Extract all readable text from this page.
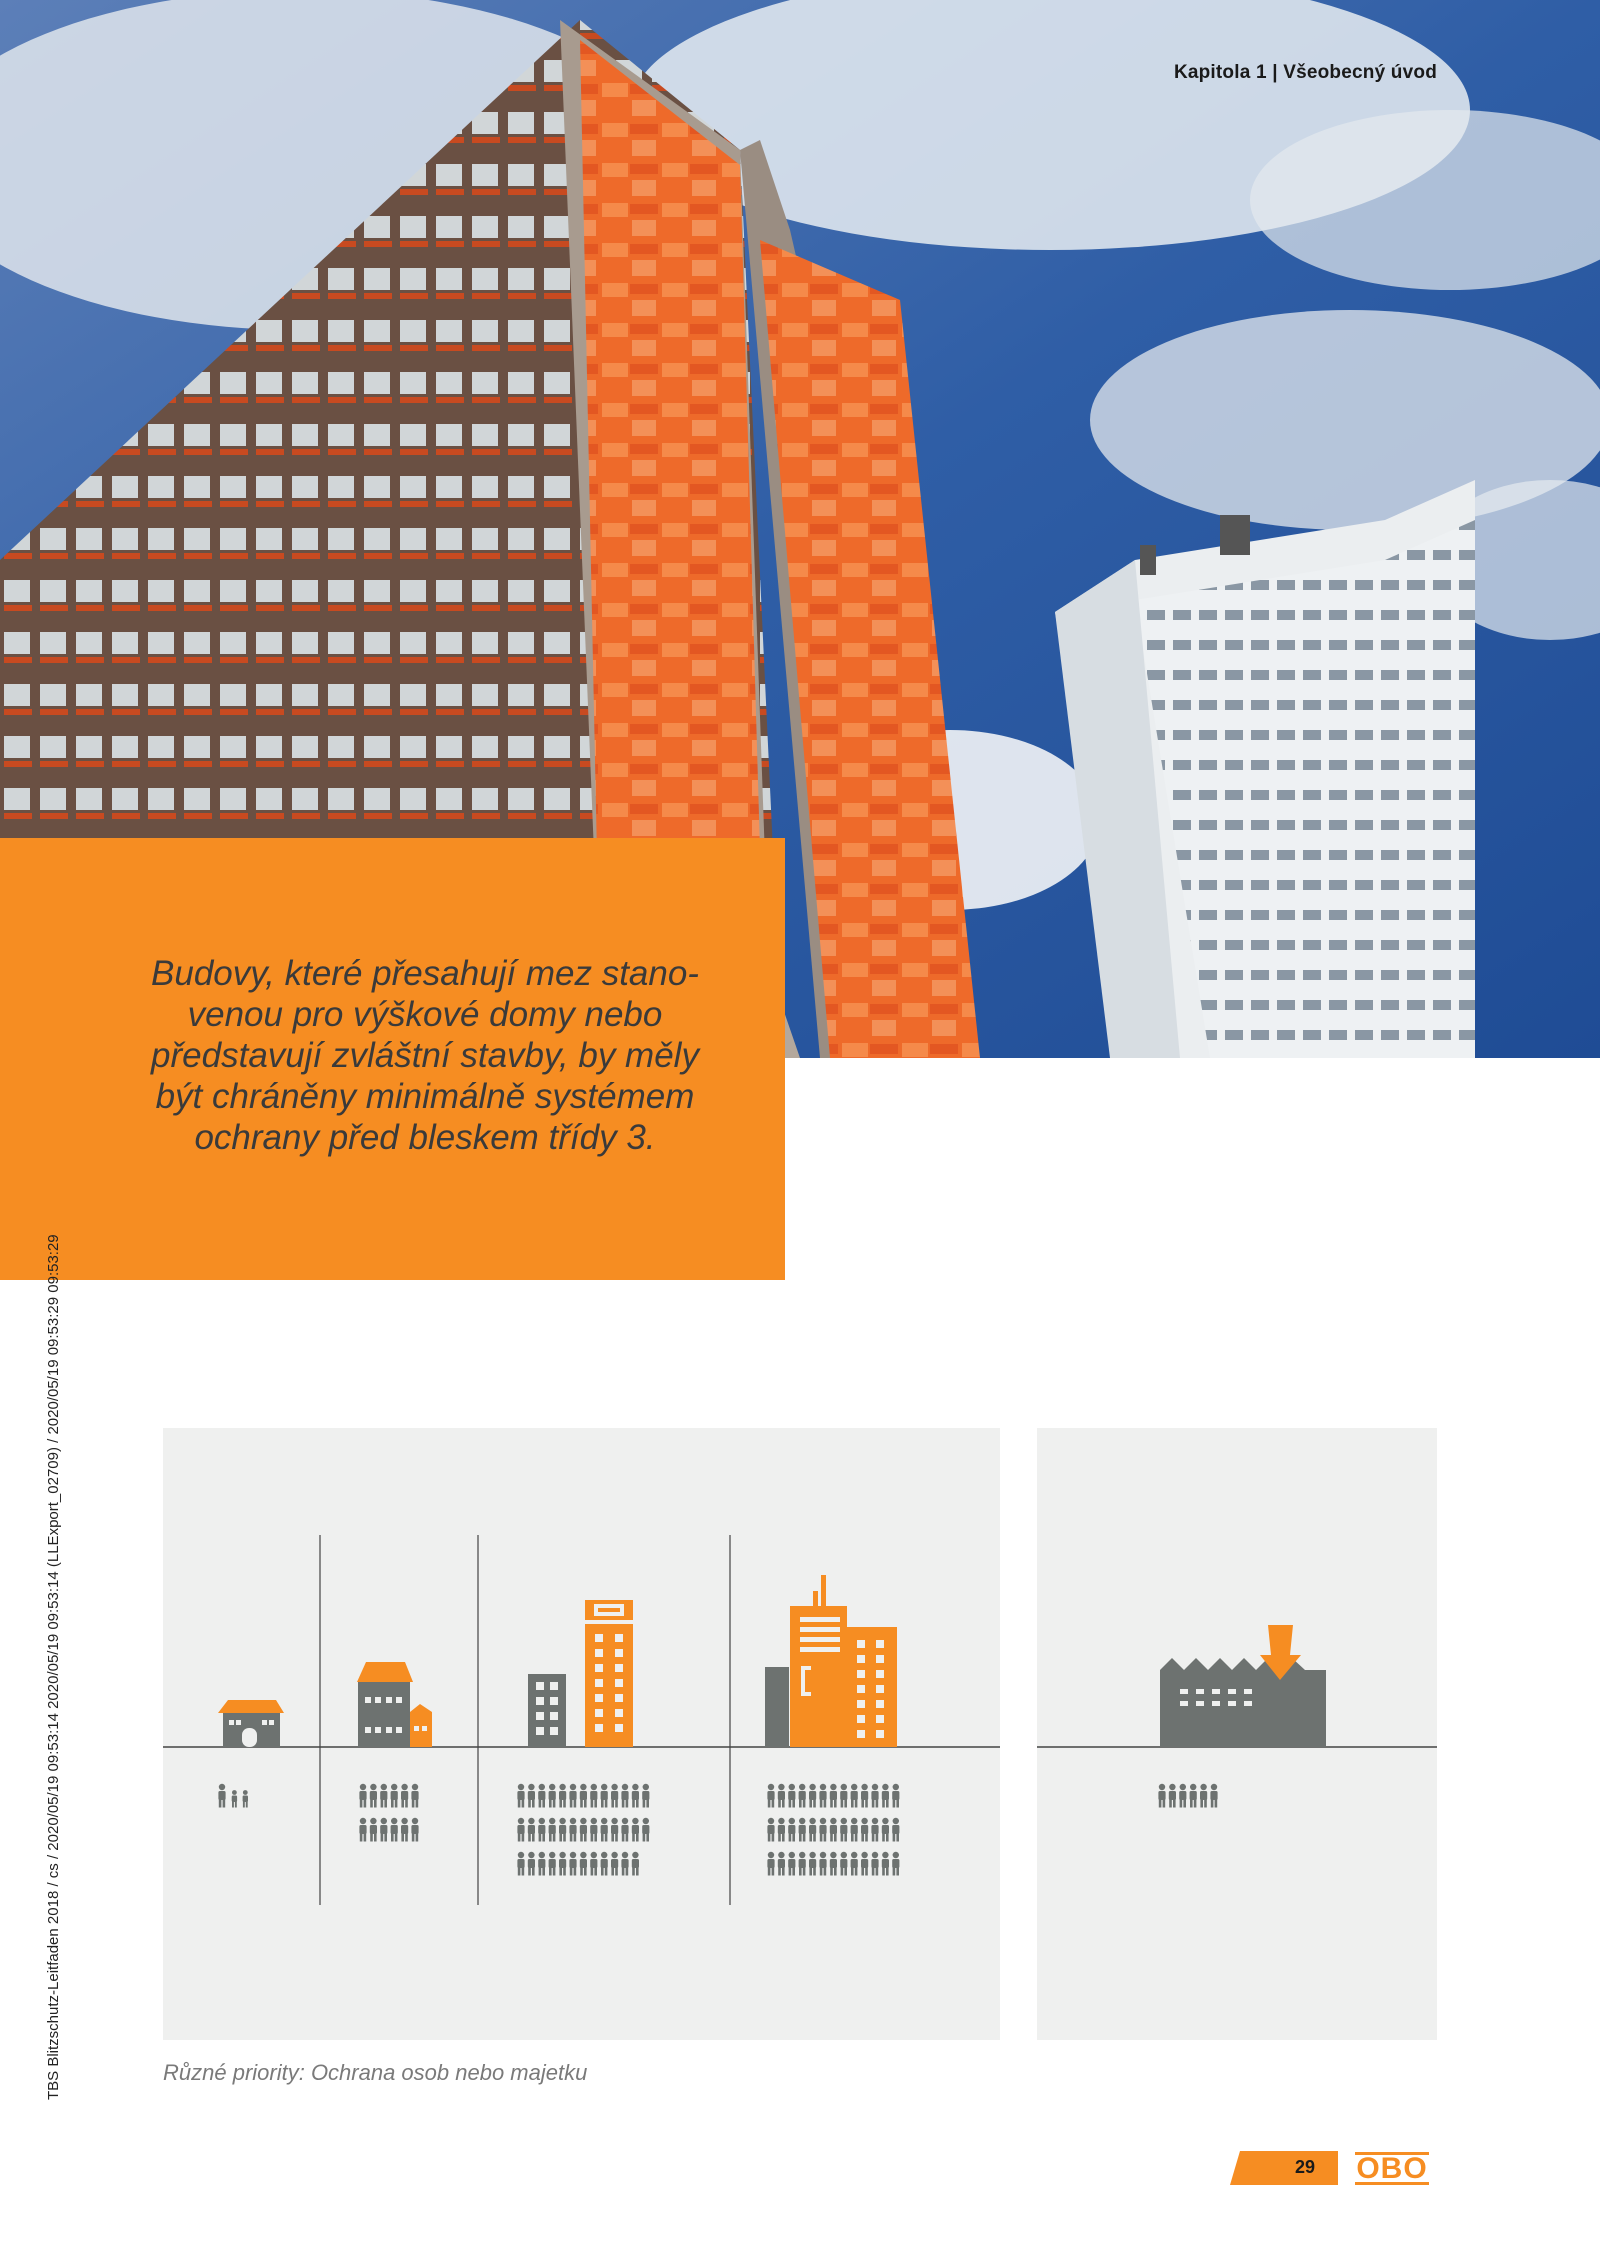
Kapitola 1 | Všeobecný úvod
Budovy, které přesahují mez stano-
venou pro výškové domy nebo
představují zvláštní stavby, by měly
být chráněny minimálně systémem
ochrany před bleskem třídy 3.
TBS Blitzschutz-Leitfaden 2018 / cs / 2020/05/19 09:53:14 2020/05/19 09:53:14 (LLExport_02709) / 2020/05/19 09:53:29 09:53:29	Různé priority: Ochrana osob nebo majetku
29 OBO
